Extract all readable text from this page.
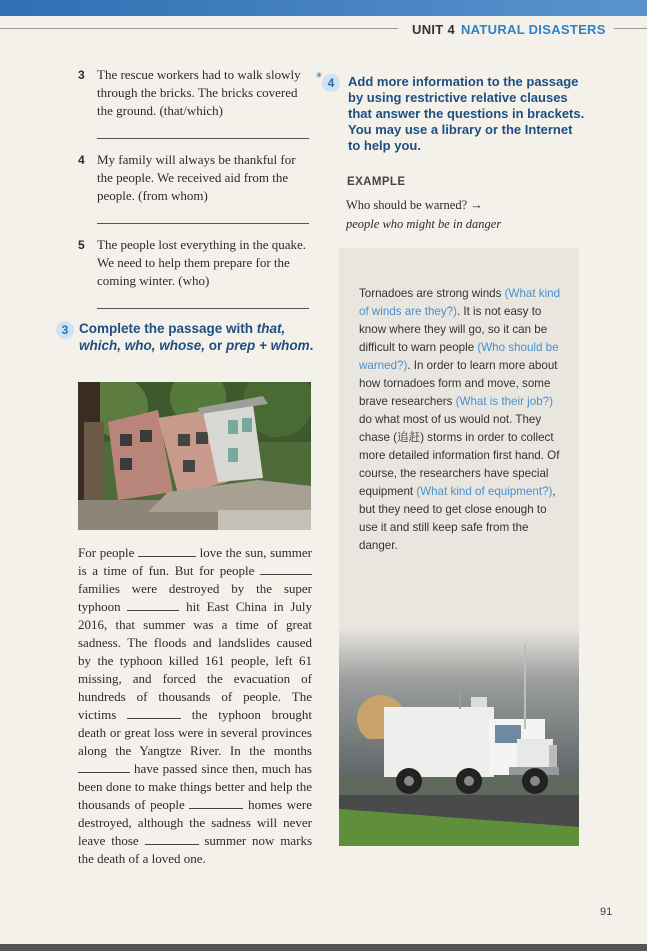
UNIT 4 NATURAL DISASTERS
3 The rescue workers had to walk slowly through the bricks. The bricks covered the ground. (that/which)
4 My family will always be thankful for the people. We received aid from the people. (from whom)
5 The people lost everything in the quake. We need to help them prepare for the coming winter. (who)
3 Complete the passage with that, which, who, whose, or prep + whom.
For people	love the sun, summer is a time of fun. But for people  families were destroyed by the super typhoon	hit East China in July 2016, that summer was a time of great sadness. The floods and landslides caused by the typhoon killed 161 people, left 61 missing, and forced the evacuation of hundreds of thousands of people. The victims	the typhoon brought death or great loss were in several provinces along the Yangtze River. In the months  have passed since then, much has been done to make things better and help the thousands of people	homes were destroyed, although the sadness will never leave those	summer now marks the death of a loved one.
* 4	Add more information to the passage by using restrictive relative clauses that answer the questions in brackets. You may use a library or the Internet to help you.
EXAMPLE
Who should be warned? →
people who might be in danger
Tornadoes are strong winds (What kind of winds are they?). It is not easy to know where they will go, so it can be difficult to warn people (Who should be warned?). In order to learn more about how tornadoes form and move, some brave researchers (What is their job?) do what most of us would not. They chase (追赶) storms in order to collect more detailed information first hand. Of course, the researchers have special equipment (What kind of equipment?), but they need to get close enough to use it and still keep safe from the danger.
91
